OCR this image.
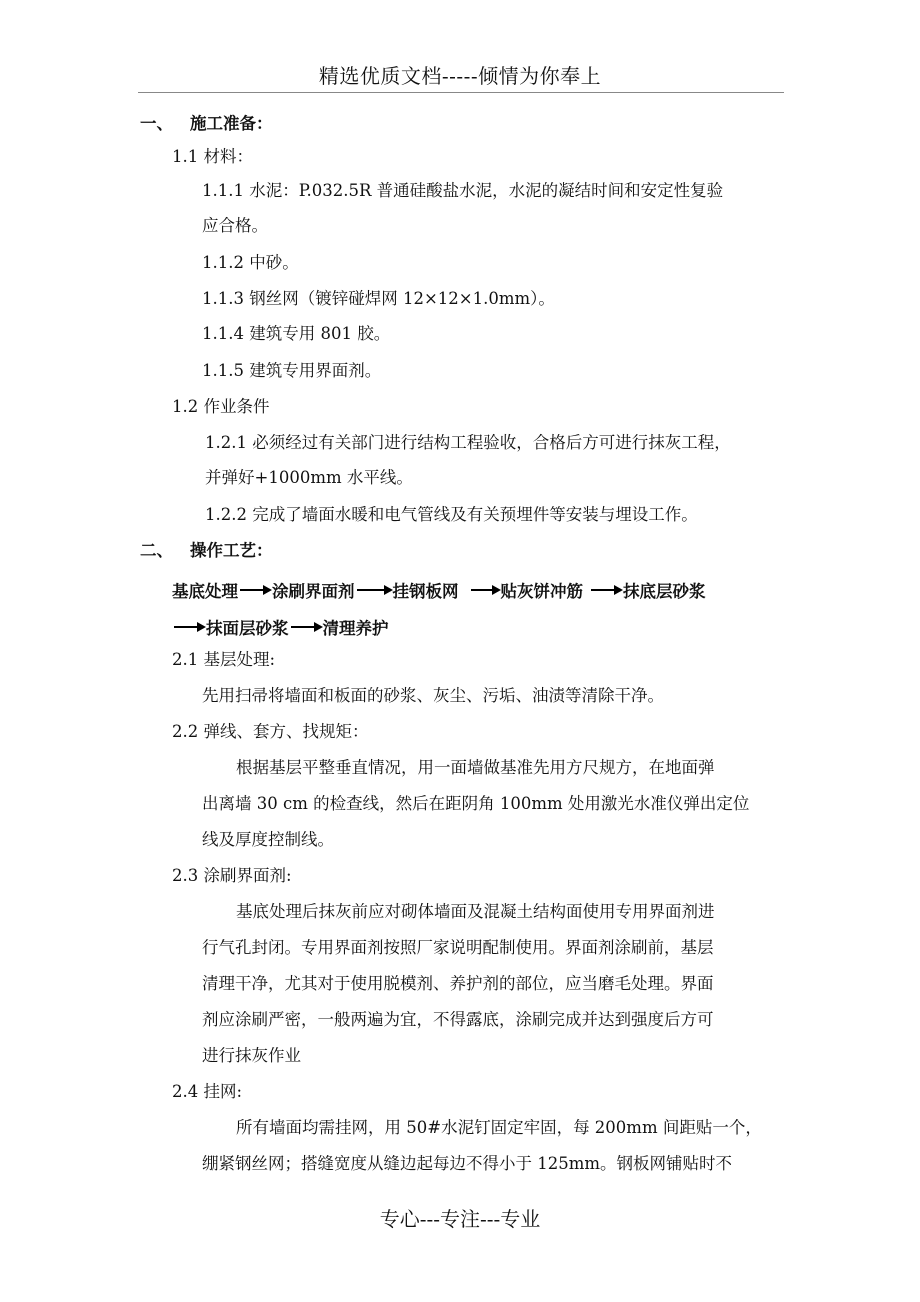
精选优质文档-----倾情为你奉上
一、 施工准备：
1.1 材料：
1.1.1 水泥：P.032.5R 普通硅酸盐水泥，水泥的凝结时间和安定性复验
应合格。
1.1.2 中砂。
1.1.3 钢丝网（镀锌碰焊网 12×12×1.0mm）。
1.1.4 建筑专用 801 胶。
1.1.5 建筑专用界面剂。
1.2 作业条件
1.2.1 必须经过有关部门进行结构工程验收，合格后方可进行抹灰工程，
并弹好+1000mm 水平线。
1.2.2 完成了墙面水暖和电气管线及有关预埋件等安装与埋设工作。
二、 操作工艺：
基底处理 涂刷界面剂 挂钢板网	贴灰饼冲筋 抹底层砂浆
抹面层砂浆 清理养护
2.1 基层处理:
先用扫帚将墙面和板面的砂浆、灰尘、污垢、油渍等清除干净。
2.2 弹线、套方、找规矩：
根据基层平整垂直情况，用一面墙做基准先用方尺规方，在地面弹
出离墙 30 cm 的检查线，然后在距阴角 100mm 处用激光水准仪弹出定位
线及厚度控制线。
2.3 涂刷界面剂:
基底处理后抹灰前应对砌体墙面及混凝土结构面使用专用界面剂进
行气孔封闭。专用界面剂按照厂家说明配制使用。界面剂涂刷前，基层
清理干净，尤其对于使用脱模剂、养护剂的部位，应当磨毛处理。界面
剂应涂刷严密，一般两遍为宜，不得露底，涂刷完成并达到强度后方可
进行抹灰作业
2.4 挂网:
所有墙面均需挂网，用 50#水泥钉固定牢固，每 200mm 间距贴一个，
绷紧钢丝网；搭缝宽度从缝边起每边不得小于 125mm。钢板网铺贴时不
专心---专注---专业
